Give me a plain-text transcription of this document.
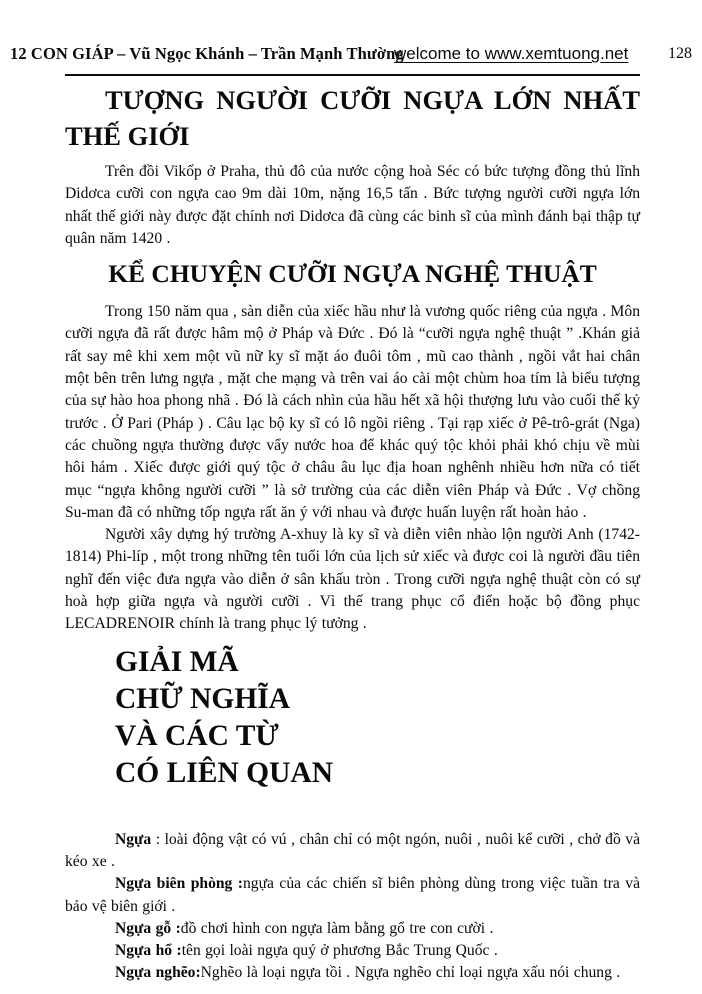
12 CON GIÁP – Vũ Ngọc Khánh – Trần Mạnh Thường
welcome to www.xemtuong.net	128
TƯỢNG NGƯỜI CƯỠI NGỰA LỚN NHẤT
THẾ GIỚI

Trên đồi Vikốp ở Praha, thủ đô của nước cộng hoà Séc có bức tượng đồng thủ lĩnh Didơca cưỡi con ngựa cao 9m dài 10m, nặng 16,5 tấn . Bức tượng người cưỡi ngựa lớn nhất thế giới này được đặt chính nơi Didơca đã cùng các binh sĩ của mình đánh bại thập tự quân năm 1420 .

KỂ CHUYỆN CƯỠI NGỰA NGHỆ THUẬT

Trong 150 năm qua , sàn diễn của xiếc hầu như là vương quốc riêng của ngựa . Môn cưỡi ngựa đã rất được hâm mộ ở Pháp và Đức . Đó là “cưỡi ngựa nghệ thuật ” .Khán giả rất say mê khi xem một vũ nữ ky sĩ mặt áo đuôi tôm , mũ cao thành , ngồi vắt hai chân một bên trên lưng ngựa , mặt che mạng và trên vai áo cài một chùm hoa tím là biểu tượng của sự hào hoa phong nhã . Đó là cách nhìn của hầu hết xã hội thượng lưu vào cuối thế kỷ trước . Ở Pari (Pháp ) . Câu lạc bộ ky sĩ có lô ngồi riêng . Tại rạp xiếc ở Pê-trô-grát (Nga) các chuồng ngựa thường được vẩy nước hoa để khác quý tộc khỏi phải khó chịu về mùi hôi hám . Xiếc được giới quý tộc ở châu âu lục địa hoan nghênh nhiều hơn nữa có tiết mục “ngựa không người cưỡi ” là sở trường của các diễn viên Pháp và Đức . Vợ chồng Su-man đã có những tốp ngựa rất ăn ý với nhau và được huấn luyện rất hoàn hảo .

Người xây dựng hý trường A-xhuy là ky sĩ và diễn viên nhào lộn người Anh (1742-1814) Phi-líp , một trong những tên tuổi lớn của lịch sử xiếc và được coi là người đầu tiên nghĩ đến việc đưa ngựa vào diễn ở sân khấu tròn . Trong cưỡi ngựa nghệ thuật còn có sự hoà hợp giữa ngựa và người cưỡi . Vì thế trang phục cổ điển hoặc bộ đồng phục LECADRENOIR chính là trang phục lý tưởng .

GIẢI MÃ
CHỮ NGHĨA
VÀ CÁC TỪ
CÓ LIÊN QUAN

Ngựa : loài động vật có vú , chân chỉ có một ngón, nuôi , nuôi kể cưỡi , chở đồ và kéo xe .

Ngựa biên phòng :ngựa của các chiến sĩ biên phòng dùng trong việc tuần tra và bảo vệ biên giới .

Ngựa gỗ :đồ chơi hình con ngựa làm bằng gổ tre con cười .

Ngựa hổ :tên gọi loài ngựa quý ở phương Bắc Trung Quốc .

Ngựa nghẽo:Nghẽo là loại ngựa tồi . Ngựa nghẽo chỉ loại ngựa xấu nói chung .
